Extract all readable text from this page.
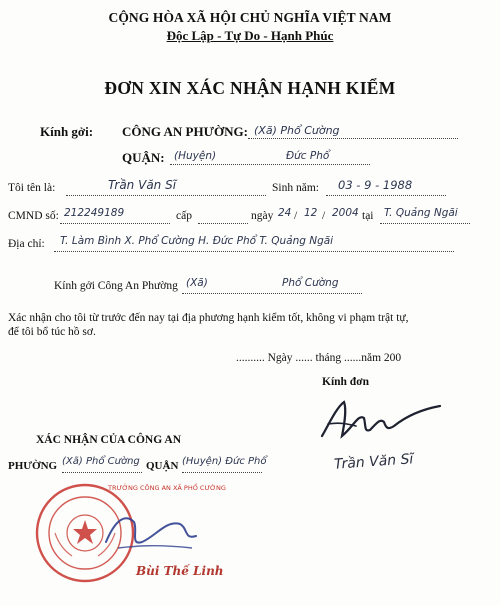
CỘNG HÒA XÃ HỘI CHỦ NGHĨA VIỆT NAM
Độc Lập - Tự Do - Hạnh Phúc
ĐƠN XIN XÁC NHẬN HẠNH KIỂM
Kính gởi: CÔNG AN PHƯỜNG: (Xã) Phổ Cường
QUẬN: (Huyện)	Đức Phổ
Tôi tên là:	Trần Văn Sĩ	Sinh năm: 03 - 9 - 1988
CMND số: 212249189	cấp	ngày 24 / 12 / 2004 tại T. Quảng Ngãi
Địa chỉ: T. Làm Bình X. Phổ Cường H. Đức Phổ T. Quảng Ngãi
Kính gởi Công An Phường (Xã)	Phổ Cường
Xác nhận cho tôi từ trước đến nay tại địa phương hạnh kiểm tốt, không vi phạm trật tự,
để tôi bổ túc hồ sơ.
.......... Ngày ...... tháng ......năm 200
Kính đơn
Trần Văn Sĩ
XÁC NHẬN CỦA CÔNG AN
PHƯỜNG (Xã) Phổ Cường QUẬN (Huyện) Đức Phổ
TRƯỞNG CÔNG AN XÃ PHỔ CƯỜNG
Bùi Thế Linh
